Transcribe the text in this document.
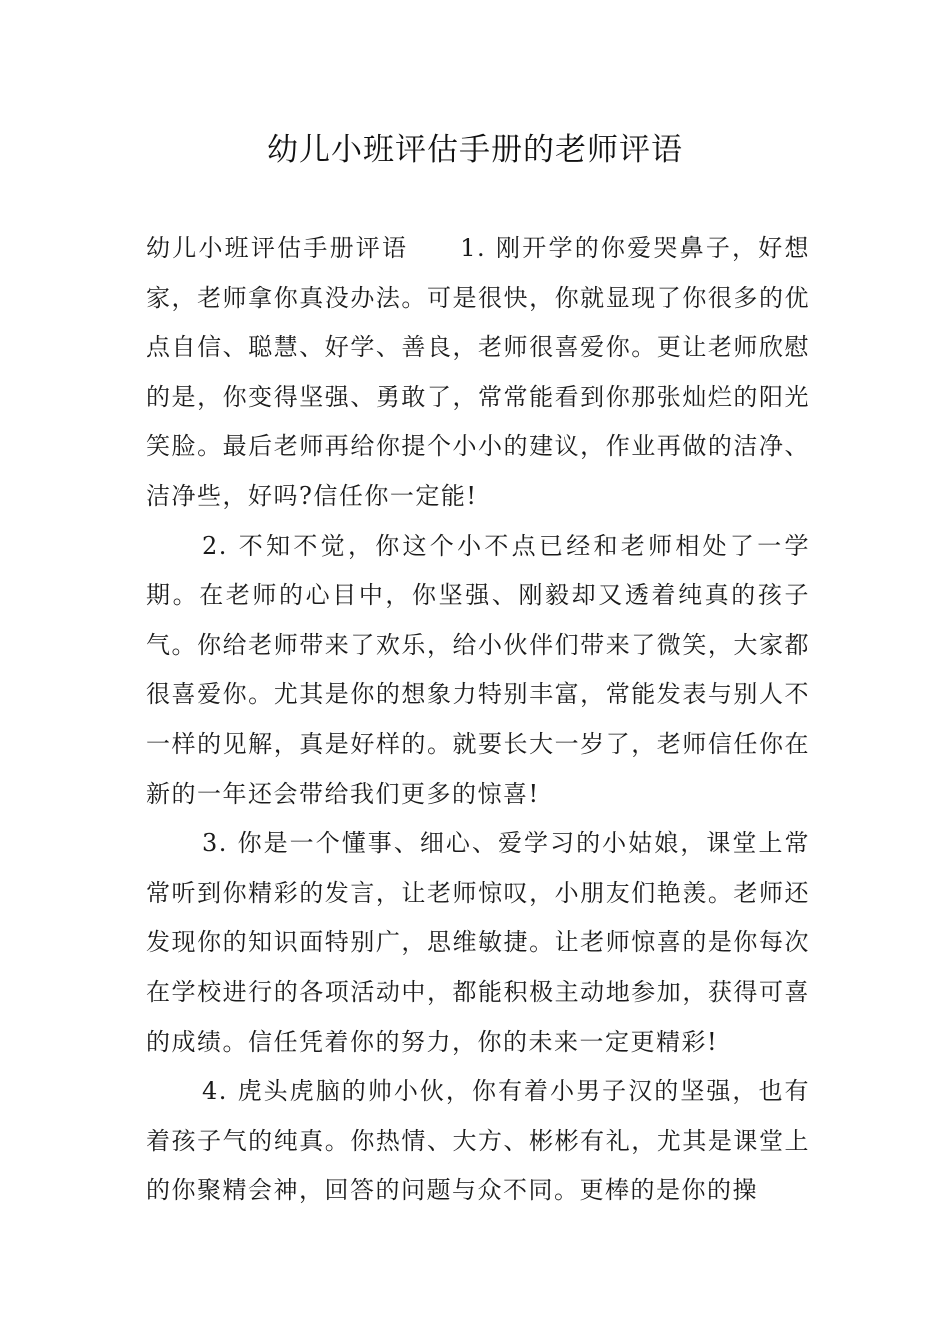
幼儿小班评估手册的老师评语

幼儿小班评估手册评语 1. 刚开学的你爱哭鼻子，好想家，老师拿你真没办法。可是很快，你就显现了你很多的优点自信、聪慧、好学、善良，老师很喜爱你。更让老师欣慰的是，你变得坚强、勇敢了，常常能看到你那张灿烂的阳光笑脸。最后老师再给你提个小小的建议，作业再做的洁净、洁净些，好吗?信任你一定能!

2. 不知不觉，你这个小不点已经和老师相处了一学期。在老师的心目中，你坚强、刚毅却又透着纯真的孩子气。你给老师带来了欢乐，给小伙伴们带来了微笑，大家都很喜爱你。尤其是你的想象力特别丰富，常能发表与别人不一样的见解，真是好样的。就要长大一岁了，老师信任你在新的一年还会带给我们更多的惊喜!

3. 你是一个懂事、细心、爱学习的小姑娘，课堂上常常听到你精彩的发言，让老师惊叹，小朋友们艳羡。老师还发现你的知识面特别广，思维敏捷。让老师惊喜的是你每次在学校进行的各项活动中，都能积极主动地参加，获得可喜的成绩。信任凭着你的努力，你的未来一定更精彩!

4. 虎头虎脑的帅小伙，你有着小男子汉的坚强，也有着孩子气的纯真。你热情、大方、彬彬有礼，尤其是课堂上的你聚精会神，回答的问题与众不同。更棒的是你的操
